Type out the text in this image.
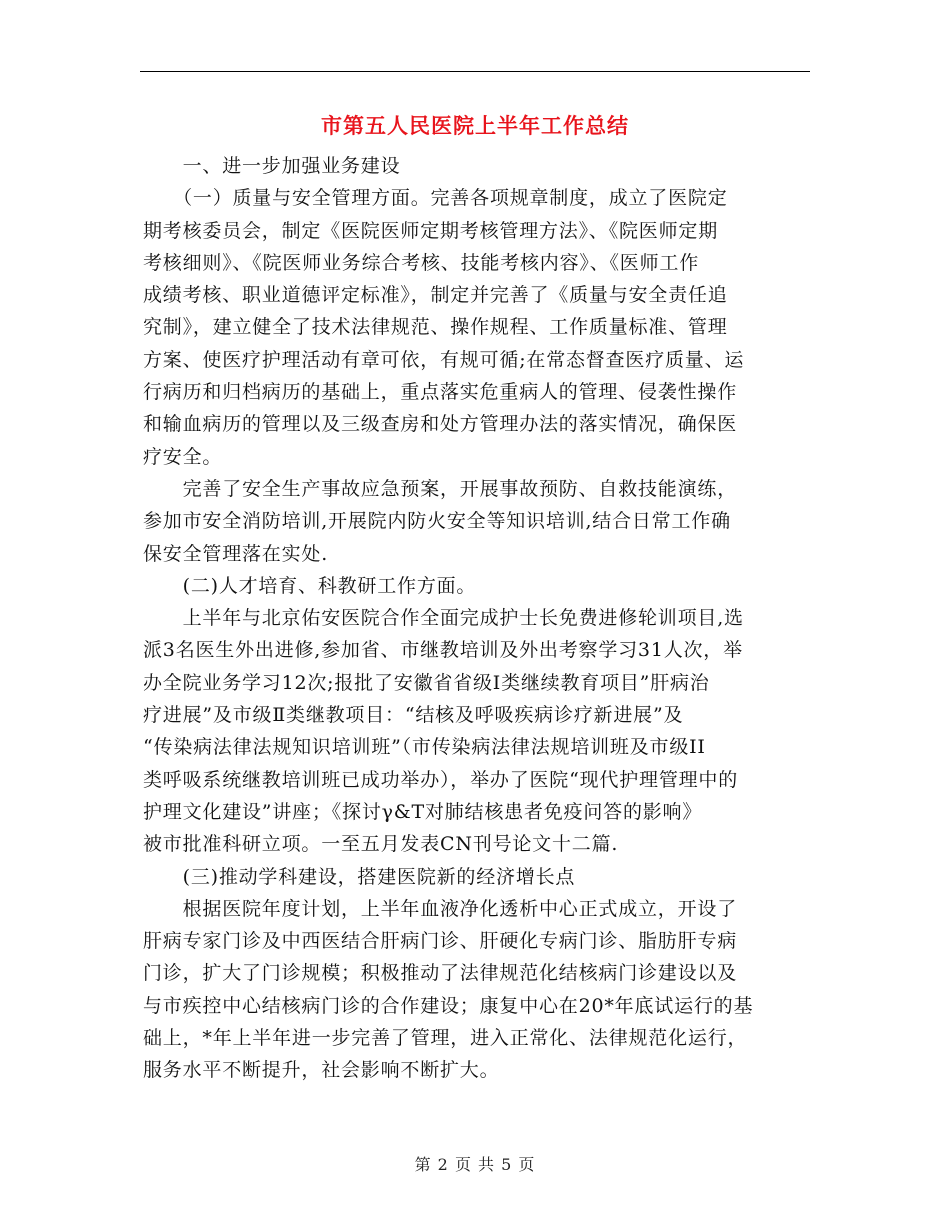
市第五人民医院上半年工作总结
　　一、进一步加强业务建设
　　（一）质量与安全管理方面。完善各项规章制度，成立了医院定
期考核委员会，制定《医院医师定期考核管理方法》、《院医师定期
考核细则》、《院医师业务综合考核、技能考核内容》、《医师工作
成绩考核、职业道德评定标准》，制定并完善了《质量与安全责任追
究制》，建立健全了技术法律规范、操作规程、工作质量标准、管理
方案、使医疗护理活动有章可依，有规可循;在常态督查医疗质量、运
行病历和归档病历的基础上，重点落实危重病人的管理、侵袭性操作
和输血病历的管理以及三级查房和处方管理办法的落实情况，确保医
疗安全。
　　完善了安全生产事故应急预案，开展事故预防、自救技能演练，
参加市安全消防培训,开展院内防火安全等知识培训,结合日常工作确
保安全管理落在实处.
　　(二)人才培育、科教研工作方面。
　　上半年与北京佑安医院合作全面完成护士长免费进修轮训项目,选
派3名医生外出进修,参加省、市继教培训及外出考察学习31人次，举
办全院业务学习12次;报批了安徽省省级Ⅰ类继续教育项目”肝病治
疗进展”及市级Ⅱ类继教项目：“结核及呼吸疾病诊疗新进展”及
“传染病法律法规知识培训班”（市传染病法律法规培训班及市级II
类呼吸系统继教培训班已成功举办），举办了医院“现代护理管理中的
护理文化建设”讲座；《探讨γ&T对肺结核患者免疫问答的影响》
被市批准科研立项。一至五月发表CN刊号论文十二篇.
　　(三)推动学科建设，搭建医院新的经济增长点
　　根据医院年度计划，上半年血液净化透析中心正式成立，开设了
肝病专家门诊及中西医结合肝病门诊、肝硬化专病门诊、脂肪肝专病
门诊，扩大了门诊规模；积极推动了法律规范化结核病门诊建设以及
与市疾控中心结核病门诊的合作建设；康复中心在20*年底试运行的基
础上，*年上半年进一步完善了管理，进入正常化、法律规范化运行，
服务水平不断提升，社会影响不断扩大。
第 2 页 共 5 页
